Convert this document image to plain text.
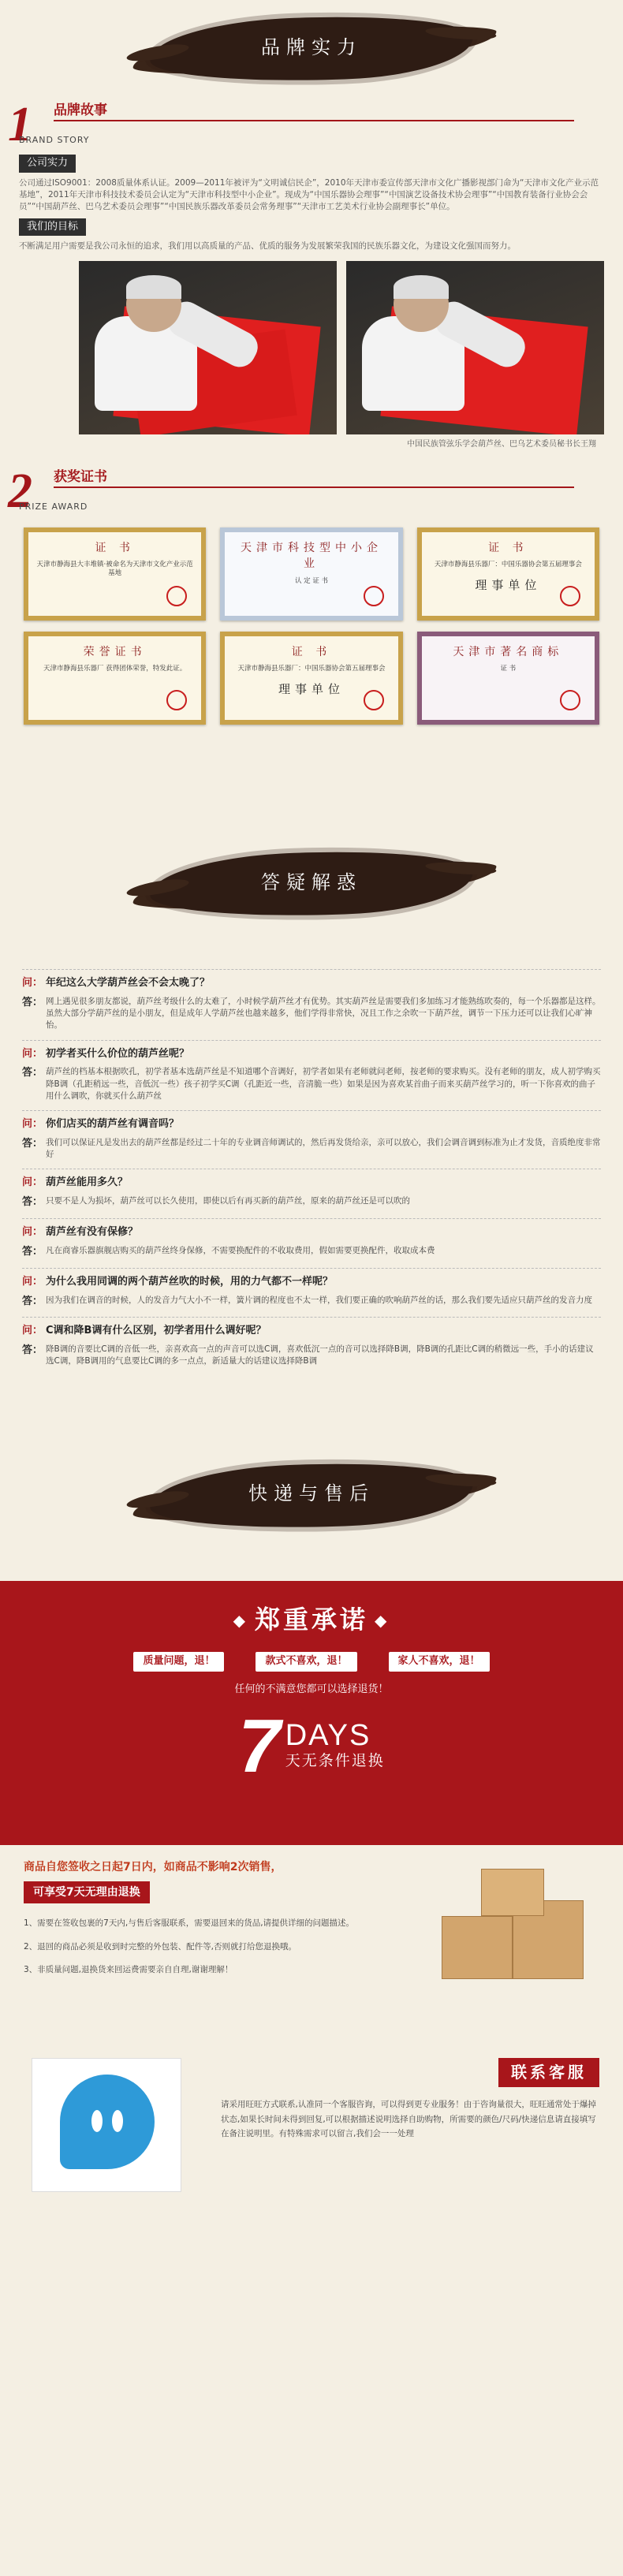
品牌实力
1 品牌故事
BRAND STORY
公司实力
公司通过ISO9001：2008质量体系认证。2009—2011年被评为“文明诚信民企”，2010年天津市委宣传部天津市文化广播影视部门命为“天津市文化产业示范基地”，2011年天津市科技技术委员会认定为“天津市科技型中小企业”。现成为“中国乐器协会理事”“中国演艺设备技术协会理事”“中国教育装备行业协会会员”“中国葫芦丝、巴乌艺术委员会理事”“中国民族乐器改革委员会常务理事”“天津市工艺美术行业协会副理事长”单位。
我们的目标
不断满足用户需要是我公司永恒的追求，我们用以高质量的产品、优质的服务为发展繁荣我国的民族乐器文化，为建设文化强国而努力。
中国民族管弦乐学会葫芦丝、巴乌艺术委员秘书长王翔
2 获奖证书
PRIZE AWARD
证 书
天津市静海县大丰堆镇·被命名为天津市文化产业示范基地
天津市科技型中小企业
认 定 证 书
证 书
天津市静海县乐器厂：中国乐器协会第五届理事会
理事单位
荣誉证书
天津市静海县乐器厂 获得团体荣誉，特发此证。
证 书
天津市静海县乐器厂：中国乐器协会第五届理事会
理事单位
天津市著名商标
证 书
答疑解惑
问： 年纪这么大学葫芦丝会不会太晚了？
答： 网上遇见很多朋友都说，葫芦丝考级什么的太难了，小时候学葫芦丝才有优势。其实葫芦丝是需要我们多加练习才能熟练吹奏的，每一个乐器都是这样。虽然大部分学葫芦丝的是小朋友，但是成年人学葫芦丝也越来越多，他们学得非常快，况且工作之余吹一下葫芦丝，调节一下压力还可以让我们心旷神怡。
问： 初学者买什么价位的葫芦丝呢？
答： 葫芦丝的档基本根据吹孔，初学者基本选葫芦丝是不知道哪个音调好，初学者如果有老师就问老师，按老师的要求购买。没有老师的朋友，成人初学购买降B调（孔距稍远一些，音低沉一些）孩子初学买C调（孔距近一些，音清脆一些）如果是因为喜欢某首曲子而来买葫芦丝学习的，听一下你喜欢的曲子用什么调吹，你就买什么葫芦丝
问： 你们店买的葫芦丝有调音吗？
答： 我们可以保证凡是发出去的葫芦丝都是经过二十年的专业调音师调试的，然后再发货给亲，亲可以放心，我们会调音调到标准为止才发货，音质绝度非常好
问： 葫芦丝能用多久？
答： 只要不是人为损坏，葫芦丝可以长久使用，即使以后有再买新的葫芦丝，原来的葫芦丝还是可以吹的
问： 葫芦丝有没有保修？
答： 凡在商睿乐器旗舰店购买的葫芦丝终身保修，不需要换配件的不收取费用，假如需要更换配件，收取成本费
问： 为什么我用同调的两个葫芦丝吹的时候，用的力气都不一样呢？
答： 因为我们在调音的时候，人的发音力气大小不一样，簧片调的程度也不太一样，我们要正确的吹响葫芦丝的话，那么我们要先适应只葫芦丝的发音力度
问： C调和降B调有什么区别，初学者用什么调好呢？
答： 降B调的音要比C调的音低一些，亲喜欢高一点的声音可以选C调，喜欢低沉一点的音可以选择降B调，降B调的孔距比C调的稍微远一些，手小的话建议选C调，降B调用的气息要比C调的多一点点，新适量大的话建议选择降B调
快递与售后
◆ 郑重承诺 ◆
质量问题，退！	款式不喜欢，退！	家人不喜欢，退！
任何的不满意您都可以选择退货！
7 DAYS
天无条件退换
商品自您签收之日起7日内，如商品不影响2次销售，
可享受7天无理由退换
1、需要在签收包裹的7天内,与售后客服联系，需要退回来的货品,请提供详细的问题描述。
2、退回的商品必须是收到时完整的外包装、配件等,否则就打给您退换哦。
3、非质量问题,退换货来回运费需要亲自自理,谢谢理解！
联系客服
请采用旺旺方式联系,认准同一个客服咨询，可以得到更专业服务！由于咨询量很大，旺旺通常处于爆掉状态,如果长时间未得到回复,可以根据描述说明选择自助购物，所需要的颜色/尺码/快递信息请直接填写在备注说明里。有特殊需求可以留言,我们会一一处理
